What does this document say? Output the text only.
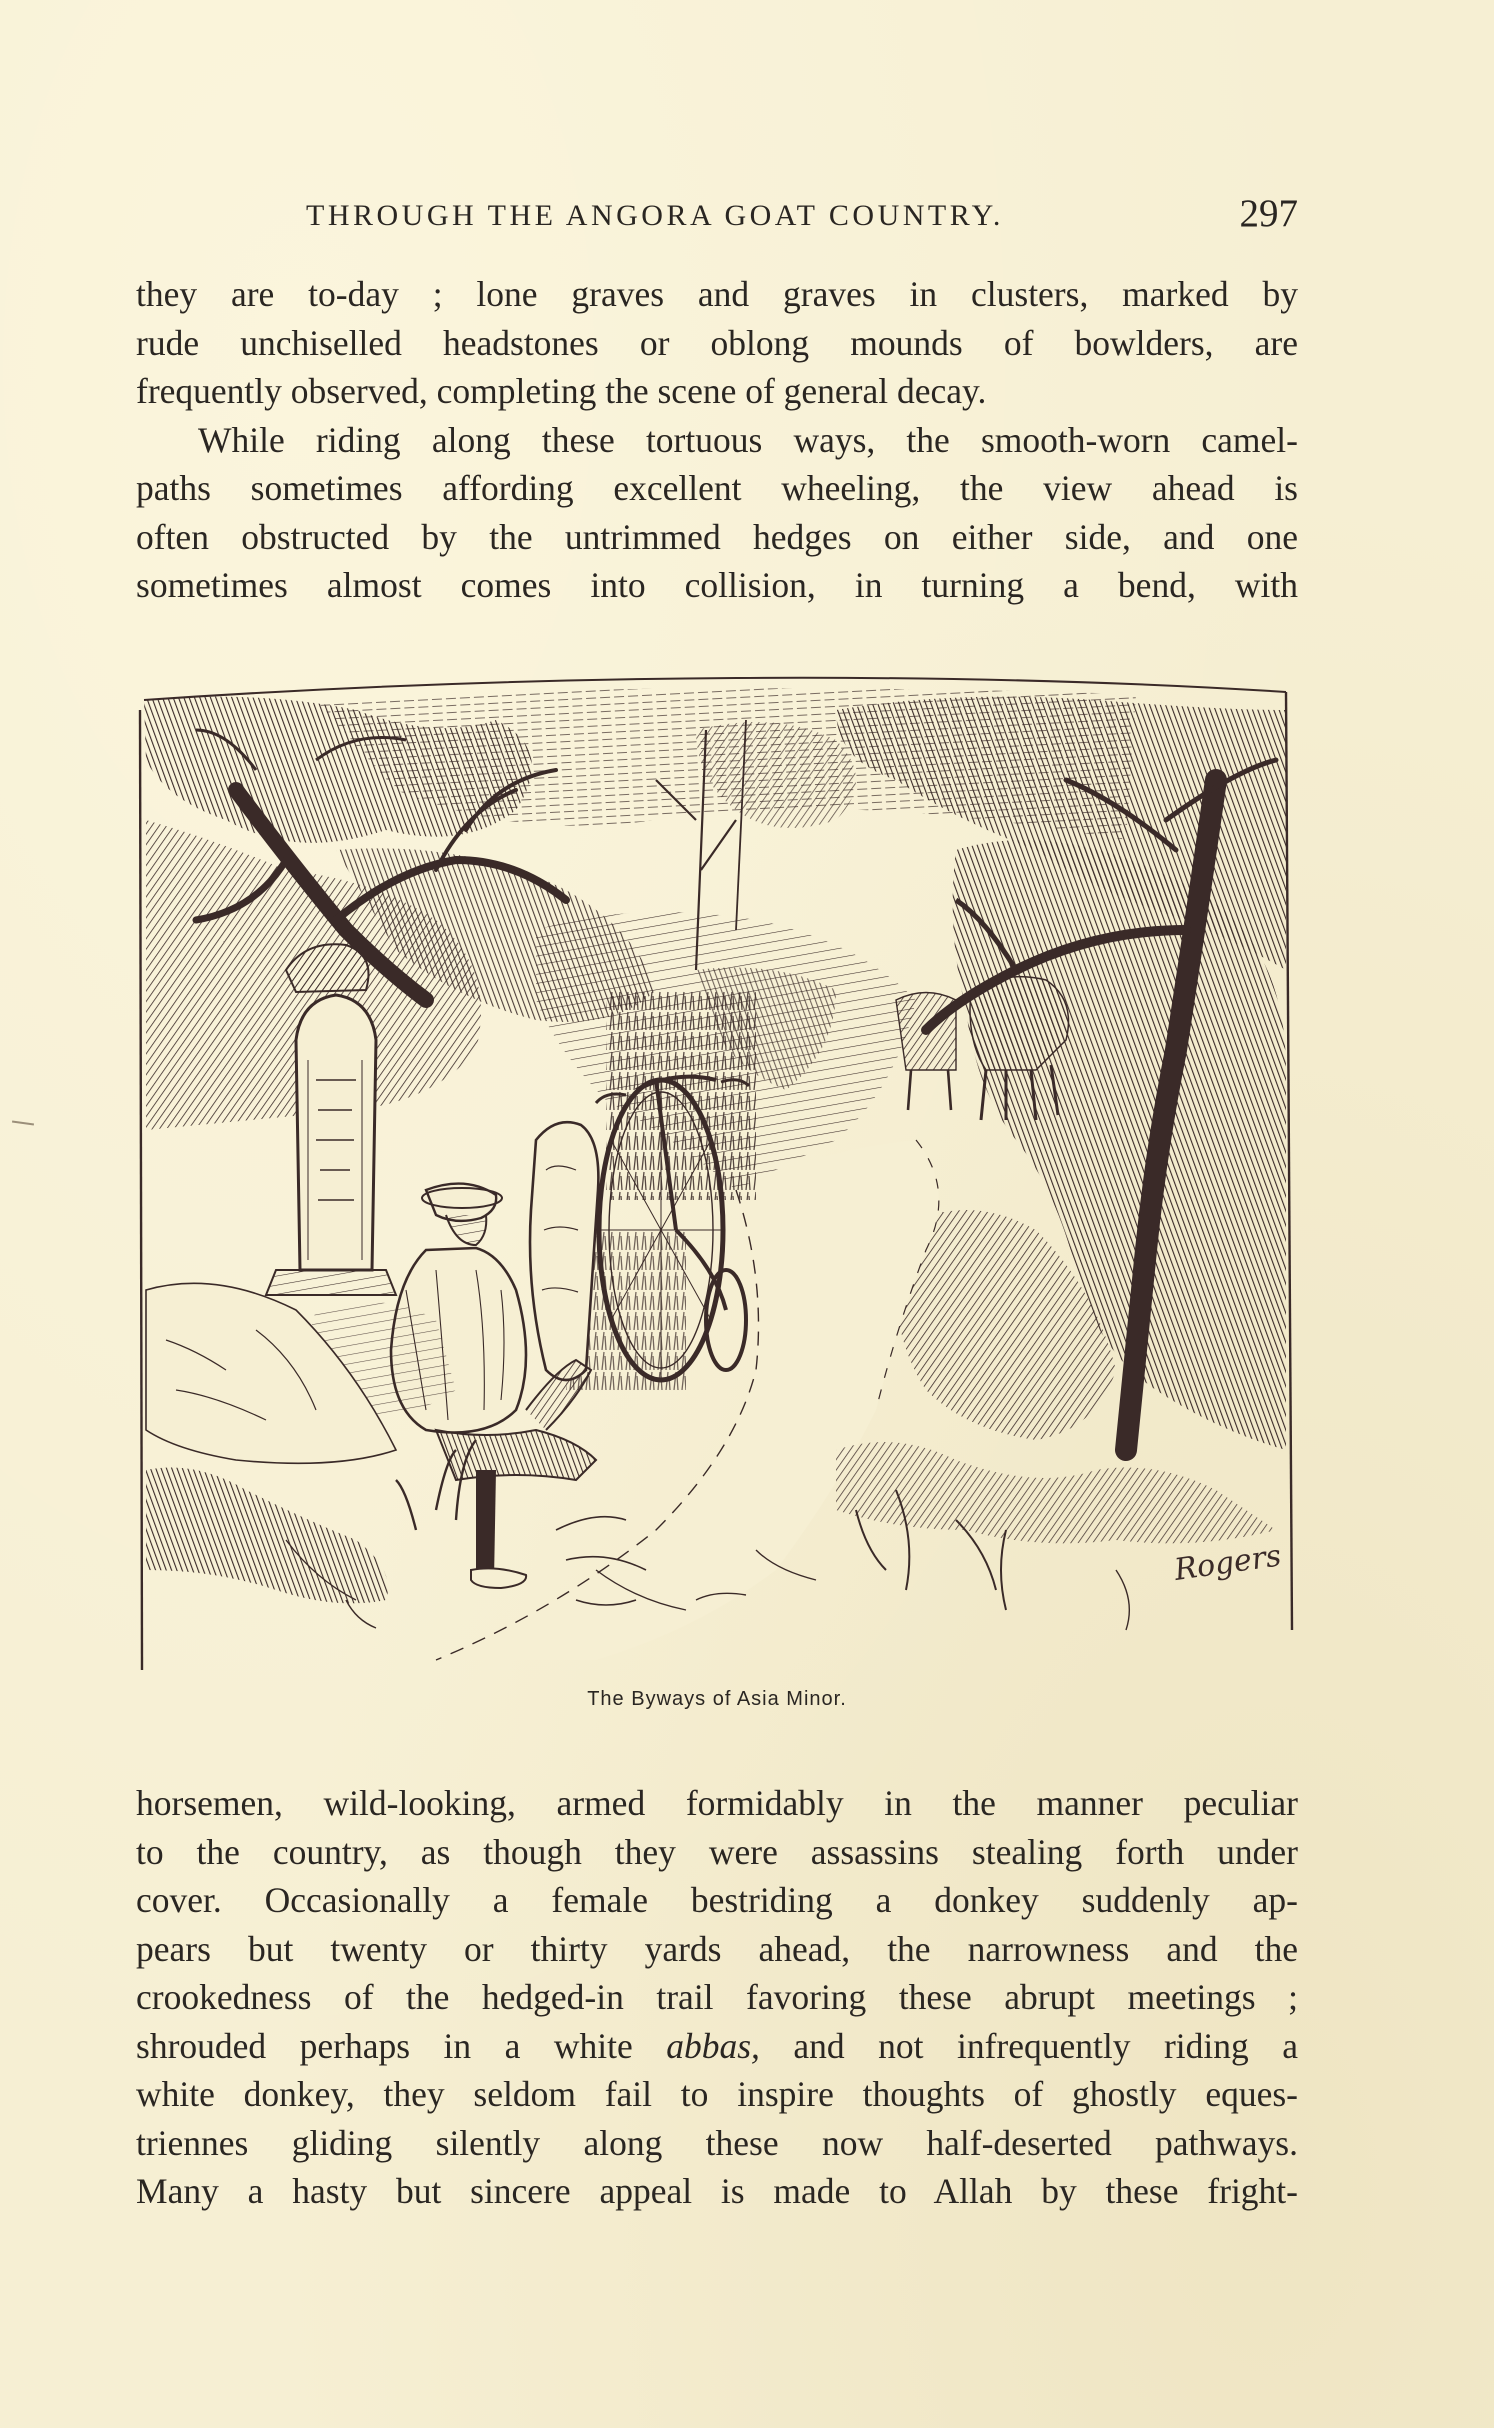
THROUGH THE ANGORA GOAT COUNTRY.	297
they are to-day ; lone graves and graves in clusters, marked by
rude unchiselled headstones or oblong mounds of bowlders, are
frequently observed, completing the scene of general decay.
While riding along these tortuous ways, the smooth-worn camel-
paths sometimes affording excellent wheeling, the view ahead is
often obstructed by the untrimmed hedges on either side, and one
sometimes almost comes into collision, in turning a bend, with
Rogers
The Byways of Asia Minor.
horsemen, wild-looking, armed formidably in the manner peculiar
to the country, as though they were assassins stealing forth under
cover. Occasionally a female bestriding a donkey suddenly ap-
pears but twenty or thirty yards ahead, the narrowness and the
crookedness of the hedged-in trail favoring these abrupt meetings ;
shrouded perhaps in a white abbas, and not infrequently riding a
white donkey, they seldom fail to inspire thoughts of ghostly eques-
triennes gliding silently along these now half-deserted pathways.
Many a hasty but sincere appeal is made to Allah by these fright-
